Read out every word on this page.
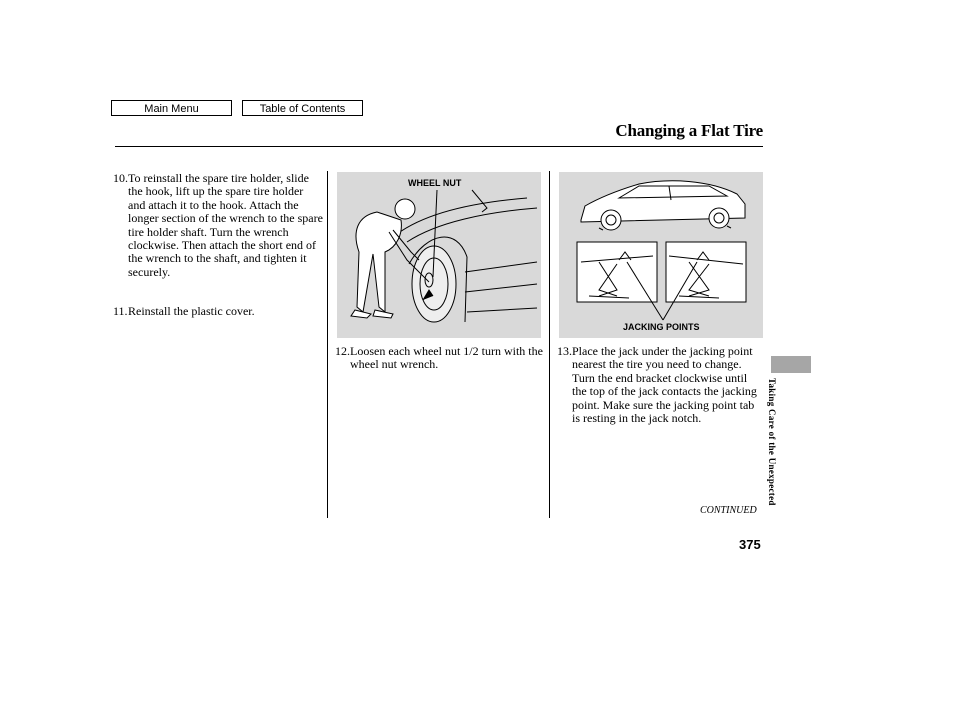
Main Menu	Table of Contents
Changing a Flat Tire
10. To reinstall the spare tire holder, slide the hook, lift up the spare tire holder and attach it to the hook. Attach the longer section of the wrench to the spare tire holder shaft. Turn the wrench clockwise. Then attach the short end of the wrench to the shaft, and tighten it securely.
11. Reinstall the plastic cover.
WHEEL NUT
JACKING POINTS
12. Loosen each wheel nut 1/2 turn with the wheel nut wrench.
13. Place the jack under the jacking point nearest the tire you need to change. Turn the end bracket clockwise until the top of the jack contacts the jacking point. Make sure the jacking point tab is resting in the jack notch.
CONTINUED
375
Taking Care of the Unexpected
